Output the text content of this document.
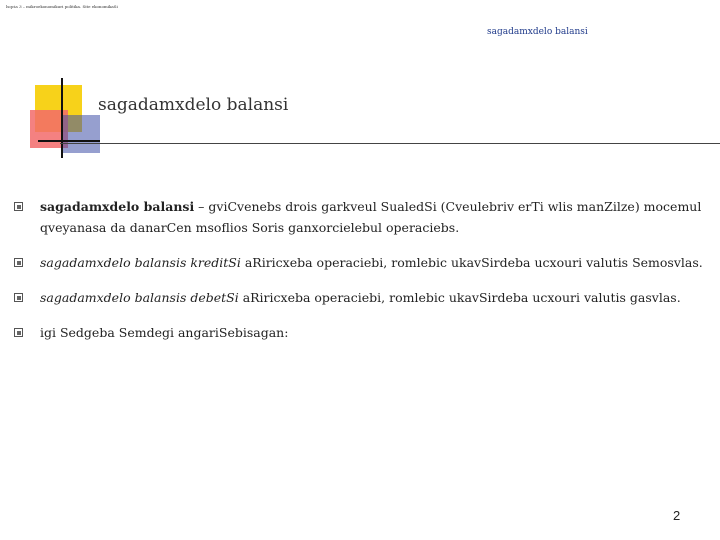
lsqcia 3 – mikroekonomikuri politika. Site ekonomikaSi
sagadamxdelo balansi
sagadamxdelo balansi
sagadamxdelo balansi – gviCvenebs drois garkveul SualedSi (Cveulebriv erTi wlis manZilze) mocemul qveyanasa da danarCen msoflios Soris ganxorcielebul operaciebs.
sagadamxdelo balansis kreditSi aRiricxeba operaciebi, romlebic ukavSirdeba ucxouri valutis Semosvlas.
sagadamxdelo balansis debetSi aRiricxeba operaciebi, romlebic ukavSirdeba ucxouri valutis gasvlas.
igi Sedgeba Semdegi angariSebisagan:
2
